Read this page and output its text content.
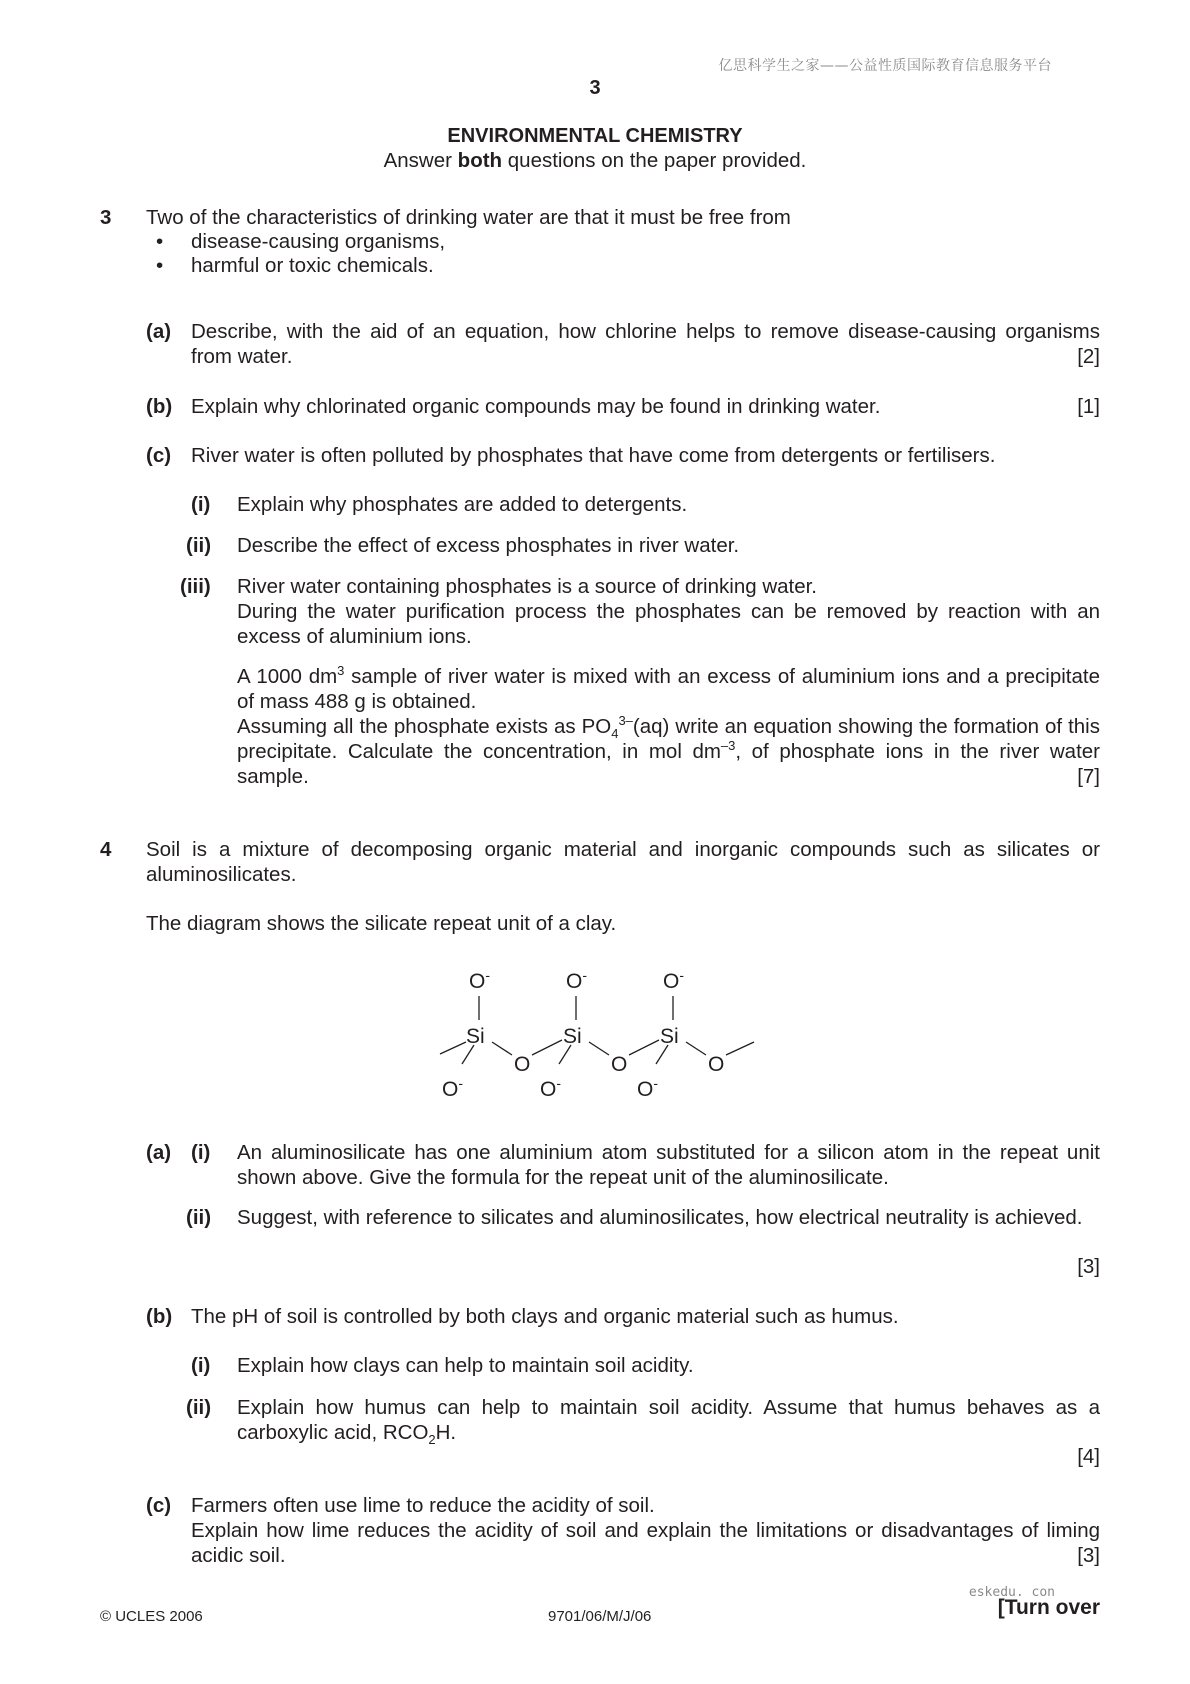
亿思科学生之家——公益性质国际教育信息服务平台
3
ENVIRONMENTAL CHEMISTRY
Answer both questions on the paper provided.
3 Two of the characteristics of drinking water are that it must be free from
• disease-causing organisms,
• harmful or toxic chemicals.
(a) Describe, with the aid of an equation, how chlorine helps to remove disease-causing organisms from water.	[2]
(b) Explain why chlorinated organic compounds may be found in drinking water.	[1]
(c) River water is often polluted by phosphates that have come from detergents or fertilisers.
(i) Explain why phosphates are added to detergents.
(ii) Describe the effect of excess phosphates in river water.
(iii) River water containing phosphates is a source of drinking water.
During the water purification process the phosphates can be removed by reaction with an excess of aluminium ions.
A 1000 $dm^3$ sample of river water is mixed with an excess of aluminium ions and a precipitate of mass 488 g is obtained.
Assuming all the phosphate exists as $PO_4^{3-}(aq)$ write an equation showing the formation of this precipitate. Calculate the concentration, in mol $dm^{-3}$, of phosphate ions in the river water sample.	[7]
4 Soil is a mixture of decomposing organic material and inorganic compounds such as silicates or aluminosilicates.
The diagram shows the silicate repeat unit of a clay.
O-	O-	O-
Si	Si	Si
O	O	O
O-	O-	O-
(a) (i) An aluminosilicate has one aluminium atom substituted for a silicon atom in the repeat unit shown above. Give the formula for the repeat unit of the aluminosilicate.
(ii) Suggest, with reference to silicates and aluminosilicates, how electrical neutrality is achieved.
[3]
(b) The pH of soil is controlled by both clays and organic material such as humus.
(i) Explain how clays can help to maintain soil acidity.
(ii) Explain how humus can help to maintain soil acidity. Assume that humus behaves as a carboxylic acid, $RCO_2H$.
[4]
(c) Farmers often use lime to reduce the acidity of soil.
Explain how lime reduces the acidity of soil and explain the limitations or disadvantages of liming acidic soil.	[3]
eskedu. con
© UCLES 2006	9701/06/M/J/06	[Turn over
